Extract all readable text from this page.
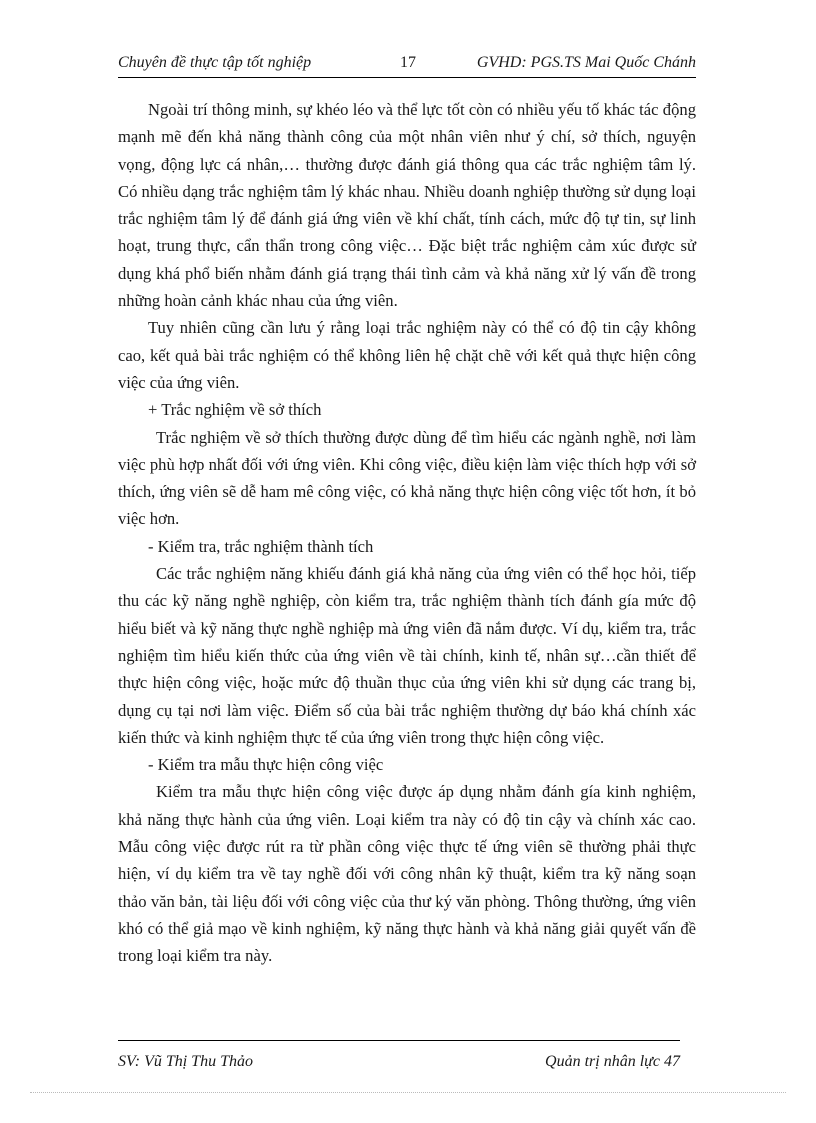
Chuyên đề thực tập tốt nghiệp	17	GVHD: PGS.TS Mai Quốc Chánh

Ngoài trí thông minh, sự khéo léo và thể lực tốt còn có nhiều yếu tố khác tác động mạnh mẽ đến khả năng thành công của một nhân viên như ý chí, sở thích, nguyện vọng, động lực cá nhân,… thường được đánh giá thông qua các trắc nghiệm tâm lý. Có nhiều dạng trắc nghiệm tâm lý khác nhau. Nhiều doanh nghiệp thường sử dụng loại trắc nghiệm tâm lý để đánh giá ứng viên về khí chất, tính cách, mức độ tự tin, sự linh hoạt, trung thực, cẩn thẩn trong công việc… Đặc biệt trắc nghiệm cảm xúc được sử dụng khá phổ biến nhằm đánh giá trạng thái tình cảm và khả năng xử lý vấn đề trong những hoàn cảnh khác nhau của ứng viên.

Tuy nhiên cũng cần lưu ý rằng loại trắc nghiệm này có thể có độ tin cậy không cao, kết quả bài trắc nghiệm có thể không liên hệ chặt chẽ với kết quả thực hiện công việc của ứng viên.

+ Trắc nghiệm về sở thích

Trắc nghiệm về sở thích thường được dùng để tìm hiểu các ngành nghề, nơi làm việc phù hợp nhất đối với ứng viên. Khi công việc, điều kiện làm việc thích hợp với sở thích, ứng viên sẽ dễ ham mê công việc, có khả năng thực hiện công việc tốt hơn, ít bỏ việc hơn.

- Kiểm tra, trắc nghiệm thành tích

Các trắc nghiệm năng khiếu đánh giá khả năng của ứng viên có thể học hỏi, tiếp thu các kỹ năng nghề nghiệp, còn kiểm tra, trắc nghiệm thành tích đánh gía mức độ hiểu biết và kỹ năng thực nghề nghiệp mà ứng viên đã nắm được. Ví dụ, kiểm tra, trắc nghiệm tìm hiểu kiến thức của ứng viên về tài chính, kinh tế, nhân sự…cần thiết để thực hiện công việc, hoặc mức độ thuần thục của ứng viên khi sử dụng các trang bị, dụng cụ tại nơi làm việc. Điểm số của bài trắc nghiệm thường dự báo khá chính xác kiến thức và kinh nghiệm thực tế của ứng viên trong thực hiện công việc.

- Kiểm tra mẫu thực hiện công việc

Kiểm tra mẫu thực hiện công việc được áp dụng nhằm đánh gía kinh nghiệm, khả năng thực hành của ứng viên. Loại kiểm tra này có độ tin cậy và chính xác cao. Mẫu công việc được rút ra từ phần công việc thực tế ứng viên sẽ thường phải thực hiện, ví dụ kiểm tra về tay nghề đối với công nhân kỹ thuật, kiểm tra kỹ năng soạn thảo văn bản, tài liệu đối với công việc của thư ký văn phòng. Thông thường, ứng viên khó có thể giả mạo về kinh nghiệm, kỹ năng thực hành và khả năng giải quyết vấn đề trong loại kiểm tra này.

SV: Vũ Thị Thu Thảo	Quản trị nhân lực 47
